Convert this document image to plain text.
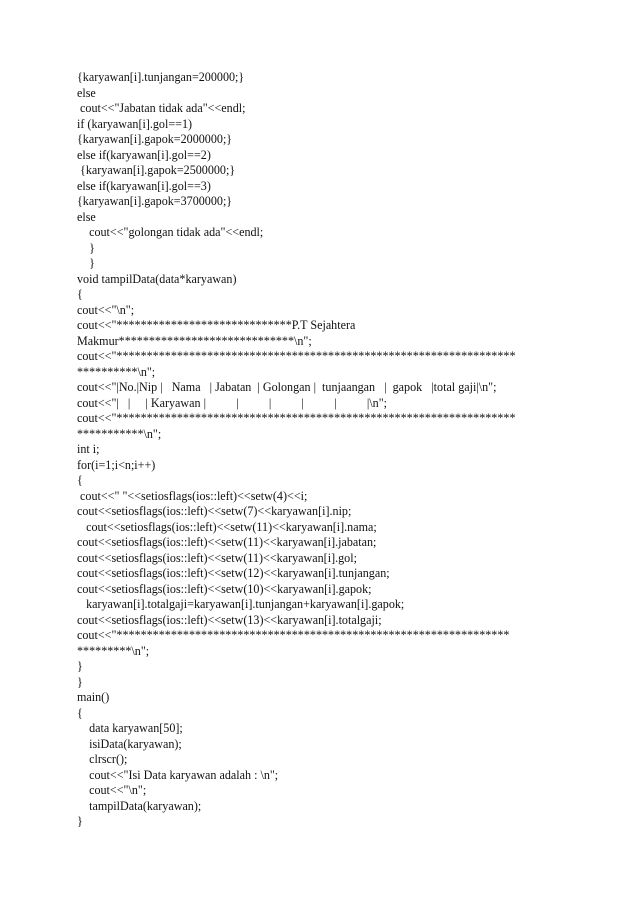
{karyawan[i].tunjangan=200000;}
else
cout<<"Jabatan tidak ada"<<endl;
if (karyawan[i].gol==1)
{karyawan[i].gapok=2000000;}
else if(karyawan[i].gol==2)
{karyawan[i].gapok=2500000;}
else if(karyawan[i].gol==3)
{karyawan[i].gapok=3700000;}
else
cout<<"golongan tidak ada"<<endl;
}
}
void tampilData(data*karyawan)
{
cout<<"\n";
cout<<"*****************************P.T Sejahtera
Makmur*****************************\n";
cout<<"******************************************************************
**********\n";
cout<<"|No.|Nip |   Nama   | Jabatan  | Golongan |  tunjaangan   |  gapok   |total gaji|\n";
cout<<"|   |     | Karyawan |          |          |          |          |          |\n";
cout<<"******************************************************************
***********\n";
int i;
for(i=1;i<n;i++)
{
cout<<" "<<setiosflags(ios::left)<<setw(4)<<i;
cout<<setiosflags(ios::left)<<setw(7)<<karyawan[i].nip;
cout<<setiosflags(ios::left)<<setw(11)<<karyawan[i].nama;
cout<<setiosflags(ios::left)<<setw(11)<<karyawan[i].jabatan;
cout<<setiosflags(ios::left)<<setw(11)<<karyawan[i].gol;
cout<<setiosflags(ios::left)<<setw(12)<<karyawan[i].tunjangan;
cout<<setiosflags(ios::left)<<setw(10)<<karyawan[i].gapok;
karyawan[i].totalgaji=karyawan[i].tunjangan+karyawan[i].gapok;
cout<<setiosflags(ios::left)<<setw(13)<<karyawan[i].totalgaji;
cout<<"*****************************************************************
*********\n";
}
}
main()
{
data karyawan[50];
isiData(karyawan);
clrscr();
cout<<"Isi Data karyawan adalah : \n";
cout<<"\n";
tampilData(karyawan);
}
